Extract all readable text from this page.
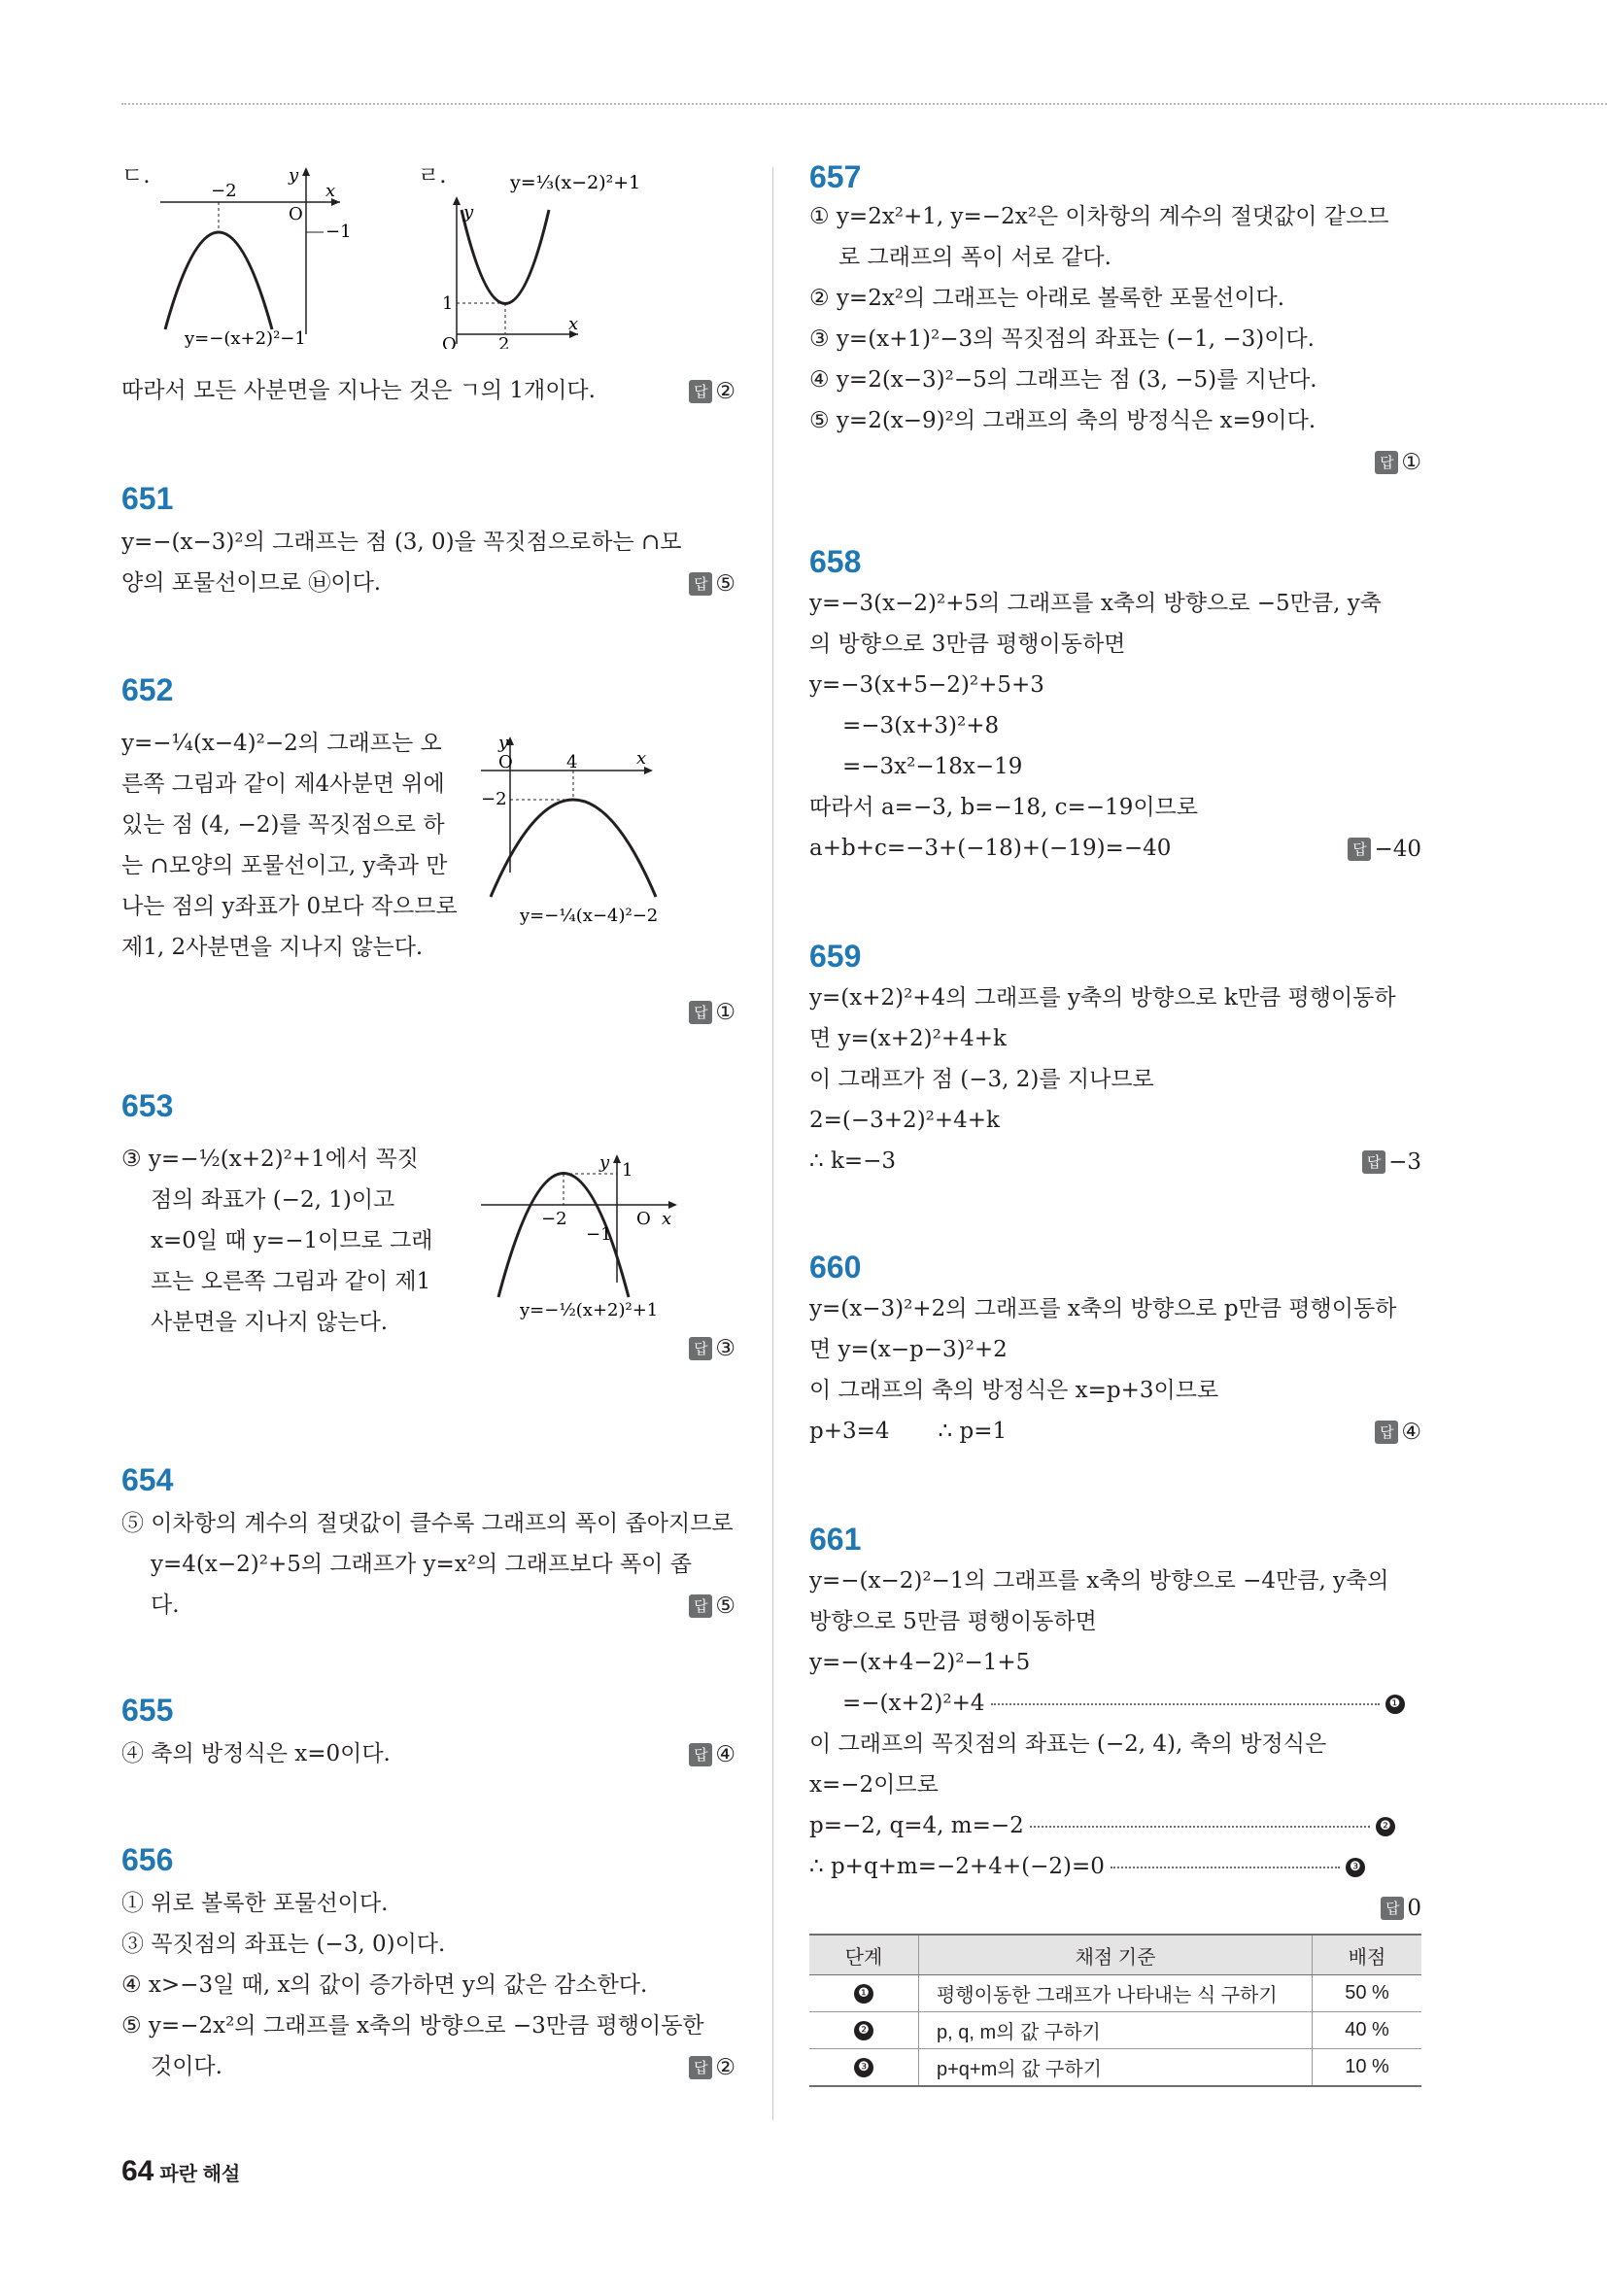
ㄷ.
−2
y
x
O
−1
y=−(x+2)²−1
ㄹ.	y=⅓(x−2)²+1
y
x
O
1
2
따라서 모든 사분면을 지나는 것은 ㄱ의 1개이다.	답 ②
651
y=−(x−3)²의 그래프는 점 (3, 0)을 꼭짓점으로하는 ∩모
양의 포물선이므로 ㉥이다.	답 ⑤
652
y=−¼(x−4)²−2의 그래프는 오
른쪽 그림과 같이 제4사분면 위에
있는 점 (4, −2)를 꼭짓점으로 하
는 ∩모양의 포물선이고, y축과 만
나는 점의 y좌표가 0보다 작으므로
제1, 2사분면을 지나지 않는다.
y
x
O	4
−2
y=−¼(x−4)²−2
답 ①
653
③ y=−½(x+2)²+1에서 꼭짓
점의 좌표가 (−2, 1)이고
x=0일 때 y=−1이므로 그래
프는 오른쪽 그림과 같이 제1
사분면을 지나지 않는다.
y
x
O
−2
1
−1
y=−½(x+2)²+1
답 ③
654
⑤ 이차항의 계수의 절댓값이 클수록 그래프의 폭이 좁아지므로
y=4(x−2)²+5의 그래프가 y=x²의 그래프보다 폭이 좁
다.	답 ⑤
655
④ 축의 방정식은 x=0이다.	답 ④
656
① 위로 볼록한 포물선이다.
③ 꼭짓점의 좌표는 (−3, 0)이다.
④ x>−3일 때, x의 값이 증가하면 y의 값은 감소한다.
⑤ y=−2x²의 그래프를 x축의 방향으로 −3만큼 평행이동한
것이다.	답 ②
657
① y=2x²+1, y=−2x²은 이차항의 계수의 절댓값이 같으므
로 그래프의 폭이 서로 같다.
② y=2x²의 그래프는 아래로 볼록한 포물선이다.
③ y=(x+1)²−3의 꼭짓점의 좌표는 (−1, −3)이다.
④ y=2(x−3)²−5의 그래프는 점 (3, −5)를 지난다.
⑤ y=2(x−9)²의 그래프의 축의 방정식은 x=9이다.
답 ①
658
y=−3(x−2)²+5의 그래프를 x축의 방향으로 −5만큼, y축
의 방향으로 3만큼 평행이동하면
y=−3(x+5−2)²+5+3
=−3(x+3)²+8
=−3x²−18x−19
따라서 a=−3, b=−18, c=−19이므로
a+b+c=−3+(−18)+(−19)=−40	답 −40
659
y=(x+2)²+4의 그래프를 y축의 방향으로 k만큼 평행이동하
면 y=(x+2)²+4+k
이 그래프가 점 (−3, 2)를 지나므로
2=(−3+2)²+4+k
∴ k=−3	답 −3
660
y=(x−3)²+2의 그래프를 x축의 방향으로 p만큼 평행이동하
면 y=(x−p−3)²+2
이 그래프의 축의 방정식은 x=p+3이므로
p+3=4 ∴ p=1	답 ④
661
y=−(x−2)²−1의 그래프를 x축의 방향으로 −4만큼, y축의
방향으로 5만큼 평행이동하면
y=−(x+4−2)²−1+5
=−(x+2)²+4	❶
이 그래프의 꼭짓점의 좌표는 (−2, 4), 축의 방정식은
x=−2이므로
p=−2, q=4, m=−2	❷
∴ p+q+m=−2+4+(−2)=0	❸
답 0
단계	채점 기준	배점
❶	평행이동한 그래프가 나타내는 식 구하기	50 %
❷	p, q, m의 값 구하기	40 %
❸	p+q+m의 값 구하기	10 %
64 파란 해설
